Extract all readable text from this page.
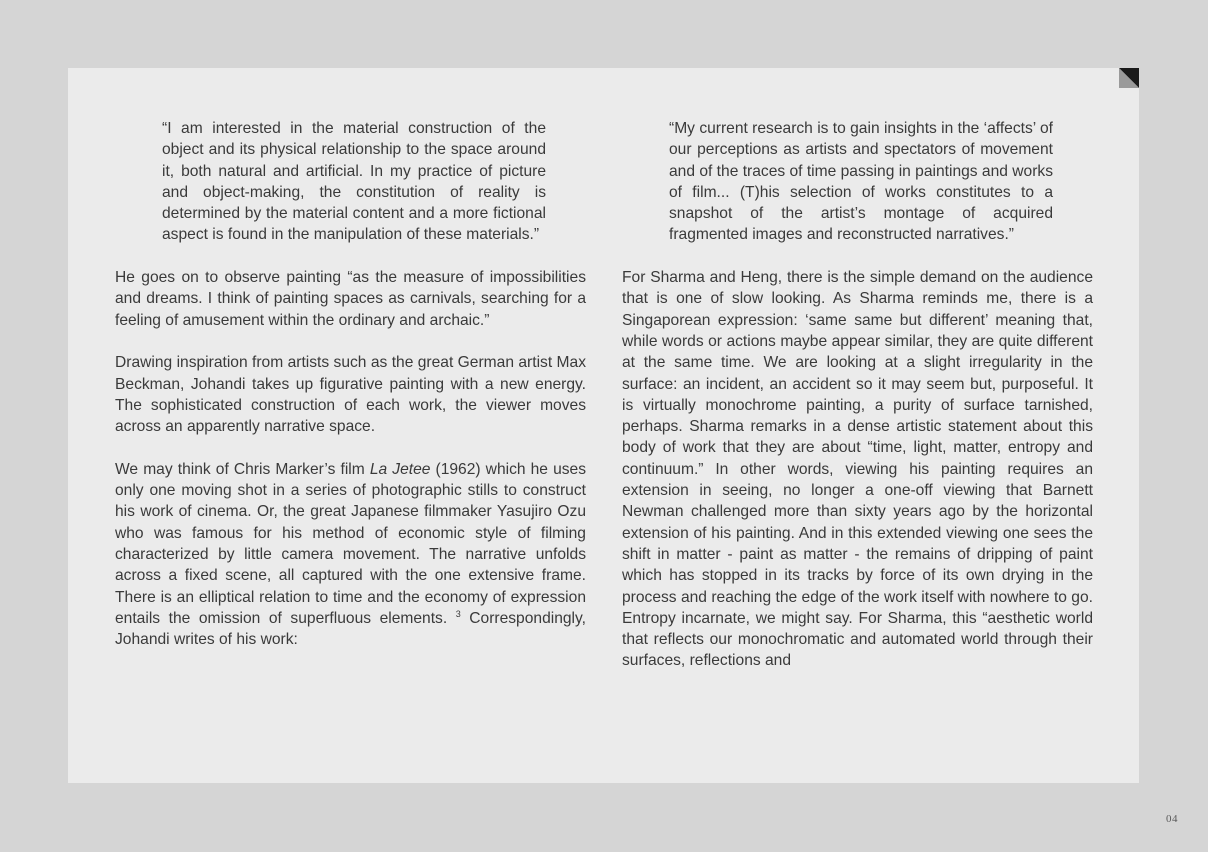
“I am interested in the material construction of the object and its physical relationship to the space around it, both natural and artificial. In my practice of picture and object-making, the constitution of reality is determined by the material content and a more fictional aspect is found in the manipulation of these materials.”

He goes on to observe painting “as the measure of impossibilities and dreams. I think of painting spaces as carnivals, searching for a feeling of amusement within the ordinary and archaic.”

Drawing inspiration from artists such as the great German artist Max Beckman, Johandi takes up figurative painting with a new energy. The sophisticated construction of each work, the viewer moves across an apparently narrative space.

We may think of Chris Marker’s film La Jetee (1962) which he uses only one moving shot in a series of photographic stills to construct his work of cinema. Or, the great Japanese filmmaker Yasujiro Ozu who was famous for his method of economic style of filming characterized by little camera movement. The narrative unfolds across a fixed scene, all captured with the one extensive frame. There is an elliptical relation to time and the economy of expression entails the omission of superfluous elements. $^3$ Correspondingly, Johandi writes of his work:

“My current research is to gain insights in the ‘affects’ of our perceptions as artists and spectators of movement and of the traces of time passing in paintings and works of film... (T)his selection of works constitutes to a snapshot of the artist’s montage of acquired fragmented images and reconstructed narratives.”

For Sharma and Heng, there is the simple demand on the audience that is one of slow looking. As Sharma reminds me, there is a Singaporean expression: ‘same same but different’ meaning that, while words or actions maybe appear similar, they are quite different at the same time. We are looking at a slight irregularity in the surface: an incident, an accident so it may seem but, purposeful. It is virtually monochrome painting, a purity of surface tarnished, perhaps. Sharma remarks in a dense artistic statement about this body of work that they are about “time, light, matter, entropy and continuum.” In other words, viewing his painting requires an extension in seeing, no longer a one-off viewing that Barnett Newman challenged more than sixty years ago by the horizontal extension of his painting. And in this extended viewing one sees the shift in matter - paint as matter - the remains of dripping of paint which has stopped in its tracks by force of its own drying in the process and reaching the edge of the work itself with nowhere to go. Entropy incarnate, we might say. For Sharma, this “aesthetic world that reflects our monochromatic and automated world through their surfaces, reflections and

04
